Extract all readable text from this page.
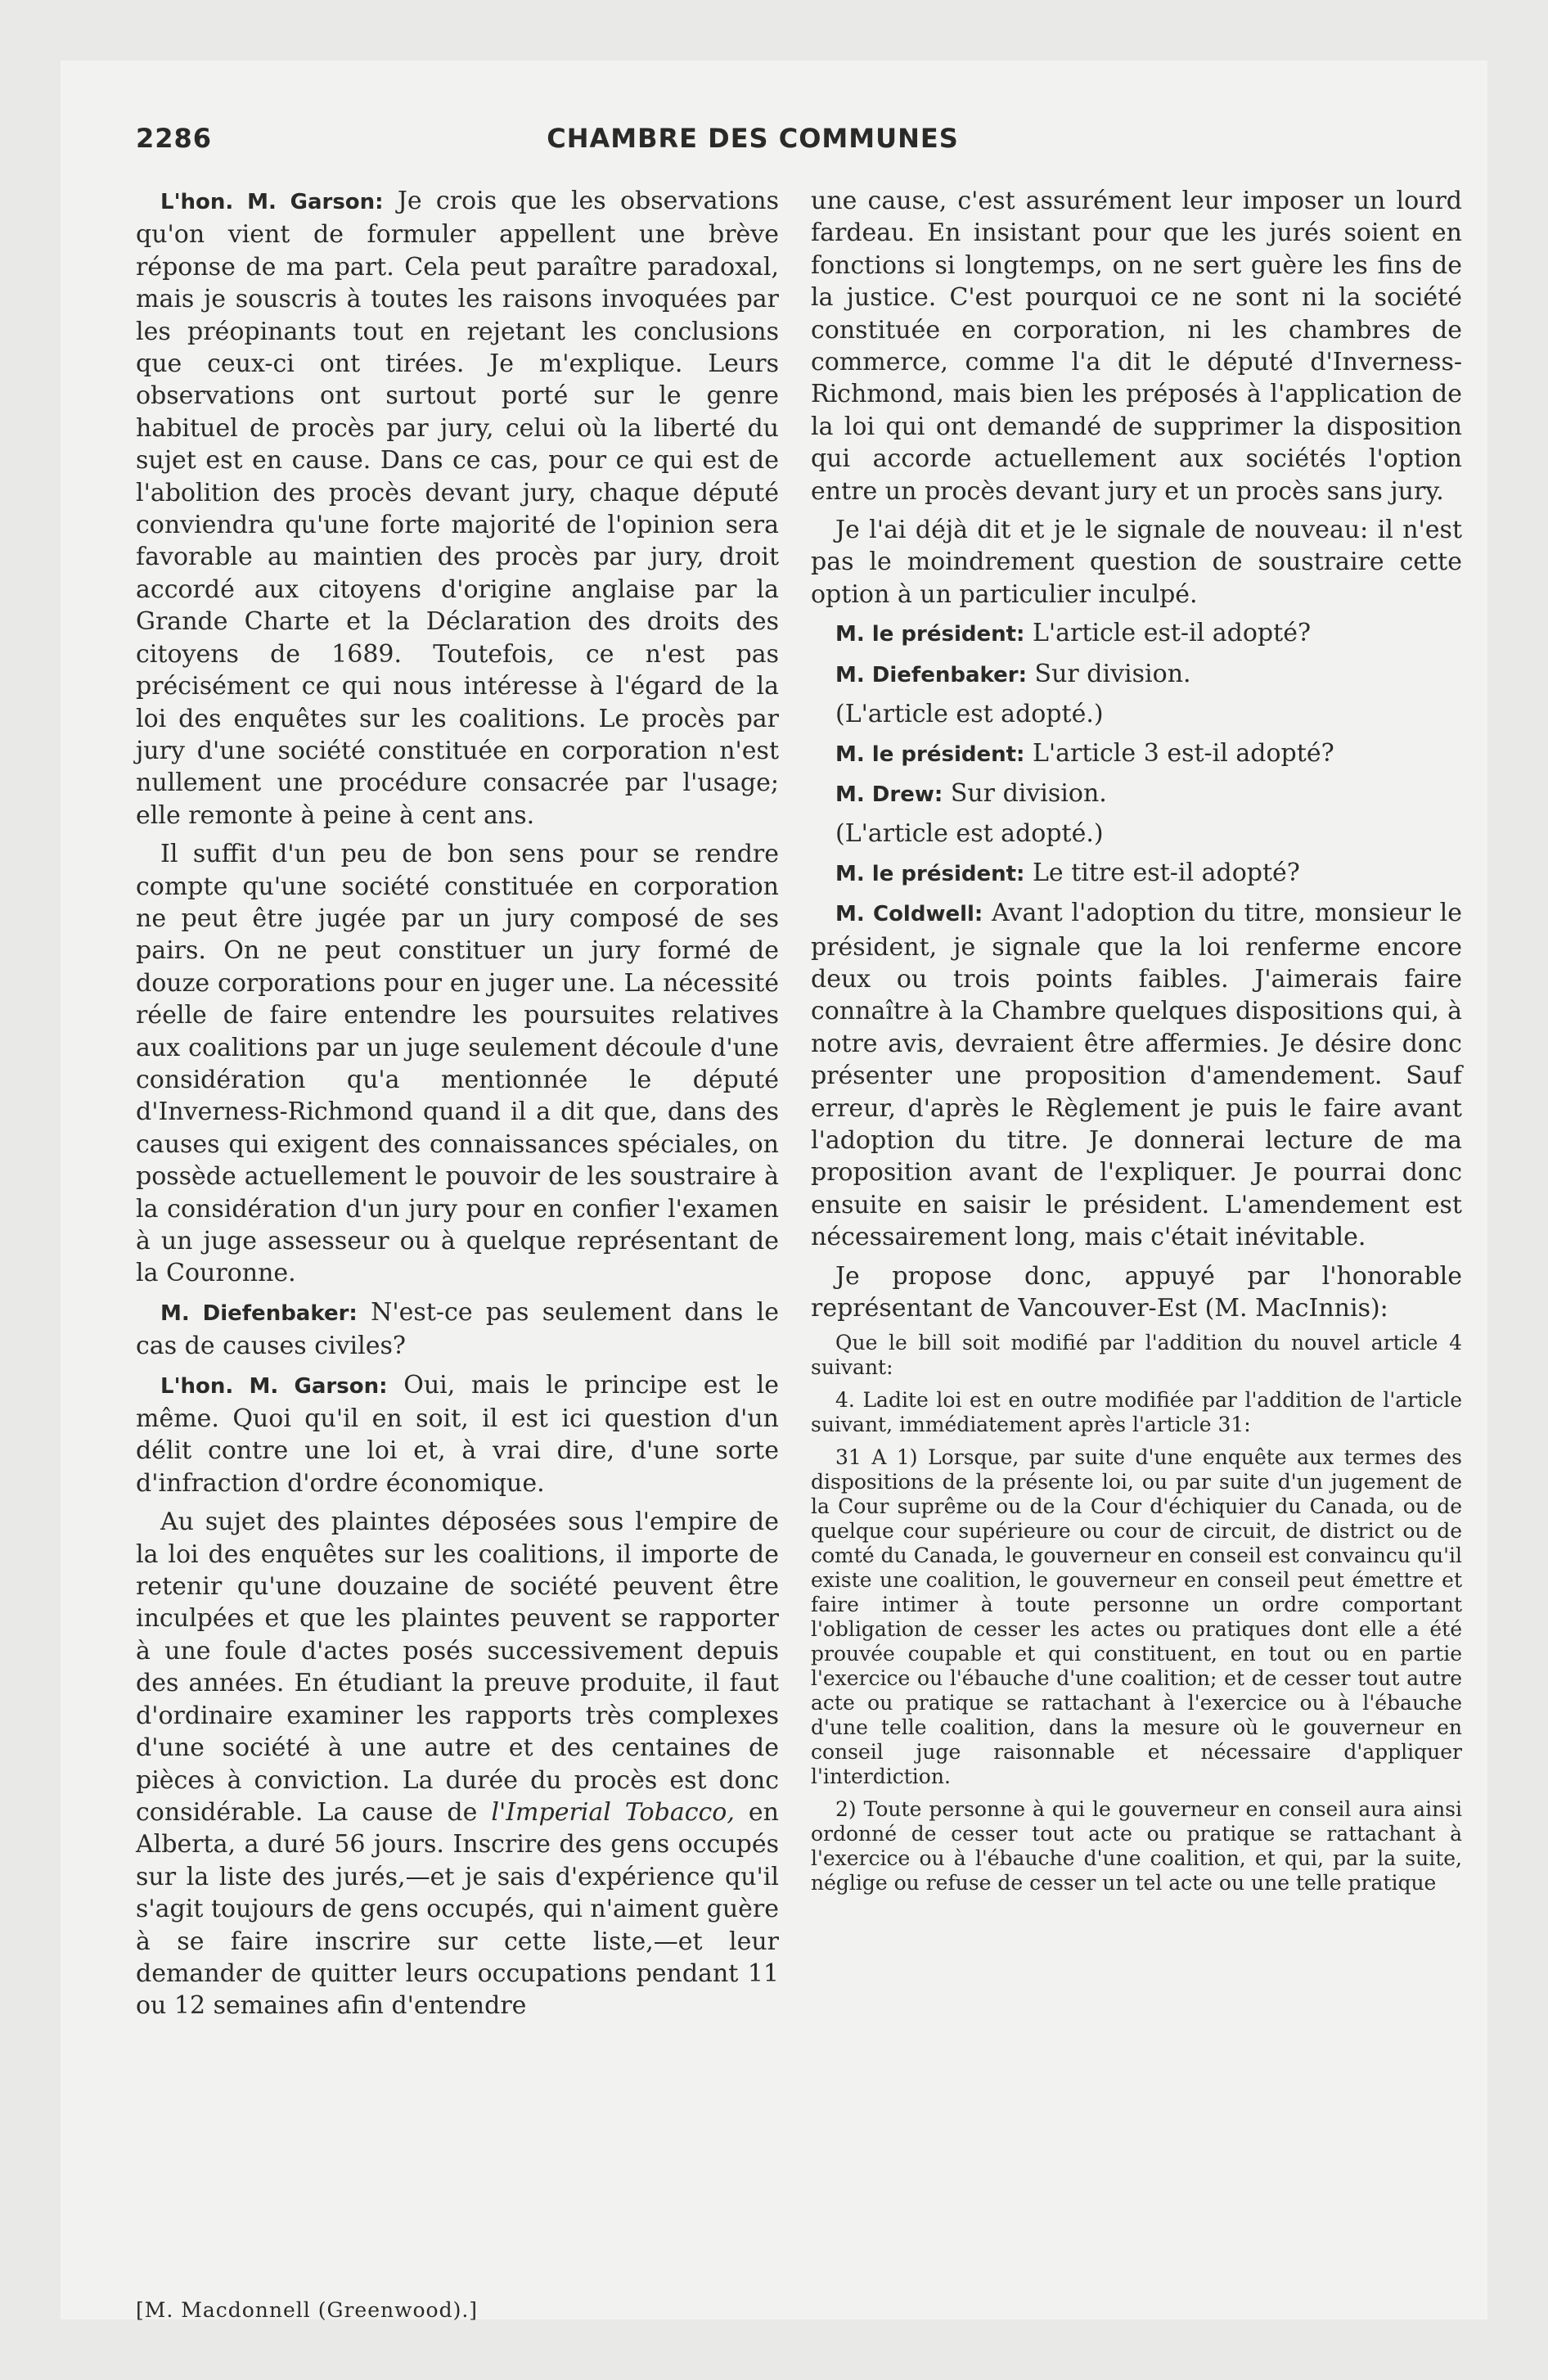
2286	CHAMBRE DES COMMUNES

L'hon. M. Garson: Je crois que les observations qu'on vient de formuler appellent une brève réponse de ma part. Cela peut paraître paradoxal, mais je souscris à toutes les raisons invoquées par les préopinants tout en rejetant les conclusions que ceux-ci ont tirées. Je m'explique. Leurs observations ont surtout porté sur le genre habituel de procès par jury, celui où la liberté du sujet est en cause. Dans ce cas, pour ce qui est de l'abolition des procès devant jury, chaque député conviendra qu'une forte majorité de l'opinion sera favorable au maintien des procès par jury, droit accordé aux citoyens d'origine anglaise par la Grande Charte et la Déclaration des droits des citoyens de 1689. Toutefois, ce n'est pas précisément ce qui nous intéresse à l'égard de la loi des enquêtes sur les coalitions. Le procès par jury d'une société constituée en corporation n'est nullement une procédure consacrée par l'usage; elle remonte à peine à cent ans.

Il suffit d'un peu de bon sens pour se rendre compte qu'une société constituée en corporation ne peut être jugée par un jury composé de ses pairs. On ne peut constituer un jury formé de douze corporations pour en juger une. La nécessité réelle de faire entendre les poursuites relatives aux coalitions par un juge seulement découle d'une considération qu'a mentionnée le député d'Inverness-Richmond quand il a dit que, dans des causes qui exigent des connaissances spéciales, on possède actuellement le pouvoir de les soustraire à la considération d'un jury pour en confier l'examen à un juge assesseur ou à quelque représentant de la Couronne.

M. Diefenbaker: N'est-ce pas seulement dans le cas de causes civiles?

L'hon. M. Garson: Oui, mais le principe est le même. Quoi qu'il en soit, il est ici question d'un délit contre une loi et, à vrai dire, d'une sorte d'infraction d'ordre économique.

Au sujet des plaintes déposées sous l'empire de la loi des enquêtes sur les coalitions, il importe de retenir qu'une douzaine de société peuvent être inculpées et que les plaintes peuvent se rapporter à une foule d'actes posés successivement depuis des années. En étudiant la preuve produite, il faut d'ordinaire examiner les rapports très complexes d'une société à une autre et des centaines de pièces à conviction. La durée du procès est donc considérable. La cause de l'Imperial Tobacco, en Alberta, a duré 56 jours. Inscrire des gens occupés sur la liste des jurés,—et je sais d'expérience qu'il s'agit toujours de gens occupés, qui n'aiment guère à se faire inscrire sur cette liste,—et leur demander de quitter leurs occupations pendant 11 ou 12 semaines afin d'entendre

une cause, c'est assurément leur imposer un lourd fardeau. En insistant pour que les jurés soient en fonctions si longtemps, on ne sert guère les fins de la justice. C'est pourquoi ce ne sont ni la société constituée en corporation, ni les chambres de commerce, comme l'a dit le député d'Inverness-Richmond, mais bien les préposés à l'application de la loi qui ont demandé de supprimer la disposition qui accorde actuellement aux sociétés l'option entre un procès devant jury et un procès sans jury.

Je l'ai déjà dit et je le signale de nouveau: il n'est pas le moindrement question de soustraire cette option à un particulier inculpé.

M. le président: L'article est-il adopté?

M. Diefenbaker: Sur division.

(L'article est adopté.)

M. le président: L'article 3 est-il adopté?

M. Drew: Sur division.

(L'article est adopté.)

M. le président: Le titre est-il adopté?

M. Coldwell: Avant l'adoption du titre, monsieur le président, je signale que la loi renferme encore deux ou trois points faibles. J'aimerais faire connaître à la Chambre quelques dispositions qui, à notre avis, devraient être affermies. Je désire donc présenter une proposition d'amendement. Sauf erreur, d'après le Règlement je puis le faire avant l'adoption du titre. Je donnerai lecture de ma proposition avant de l'expliquer. Je pourrai donc ensuite en saisir le président. L'amendement est nécessairement long, mais c'était inévitable.

Je propose donc, appuyé par l'honorable représentant de Vancouver-Est (M. MacInnis):

Que le bill soit modifié par l'addition du nouvel article 4 suivant:

4. Ladite loi est en outre modifiée par l'addition de l'article suivant, immédiatement après l'article 31:

31 A 1) Lorsque, par suite d'une enquête aux termes des dispositions de la présente loi, ou par suite d'un jugement de la Cour suprême ou de la Cour d'échiquier du Canada, ou de quelque cour supérieure ou cour de circuit, de district ou de comté du Canada, le gouverneur en conseil est convaincu qu'il existe une coalition, le gouverneur en conseil peut émettre et faire intimer à toute personne un ordre comportant l'obligation de cesser les actes ou pratiques dont elle a été prouvée coupable et qui constituent, en tout ou en partie l'exercice ou l'ébauche d'une coalition; et de cesser tout autre acte ou pratique se rattachant à l'exercice ou à l'ébauche d'une telle coalition, dans la mesure où le gouverneur en conseil juge raisonnable et nécessaire d'appliquer l'interdiction.

2) Toute personne à qui le gouverneur en conseil aura ainsi ordonné de cesser tout acte ou pratique se rattachant à l'exercice ou à l'ébauche d'une coalition, et qui, par la suite, néglige ou refuse de cesser un tel acte ou une telle pratique

[M. Macdonnell (Greenwood).]
